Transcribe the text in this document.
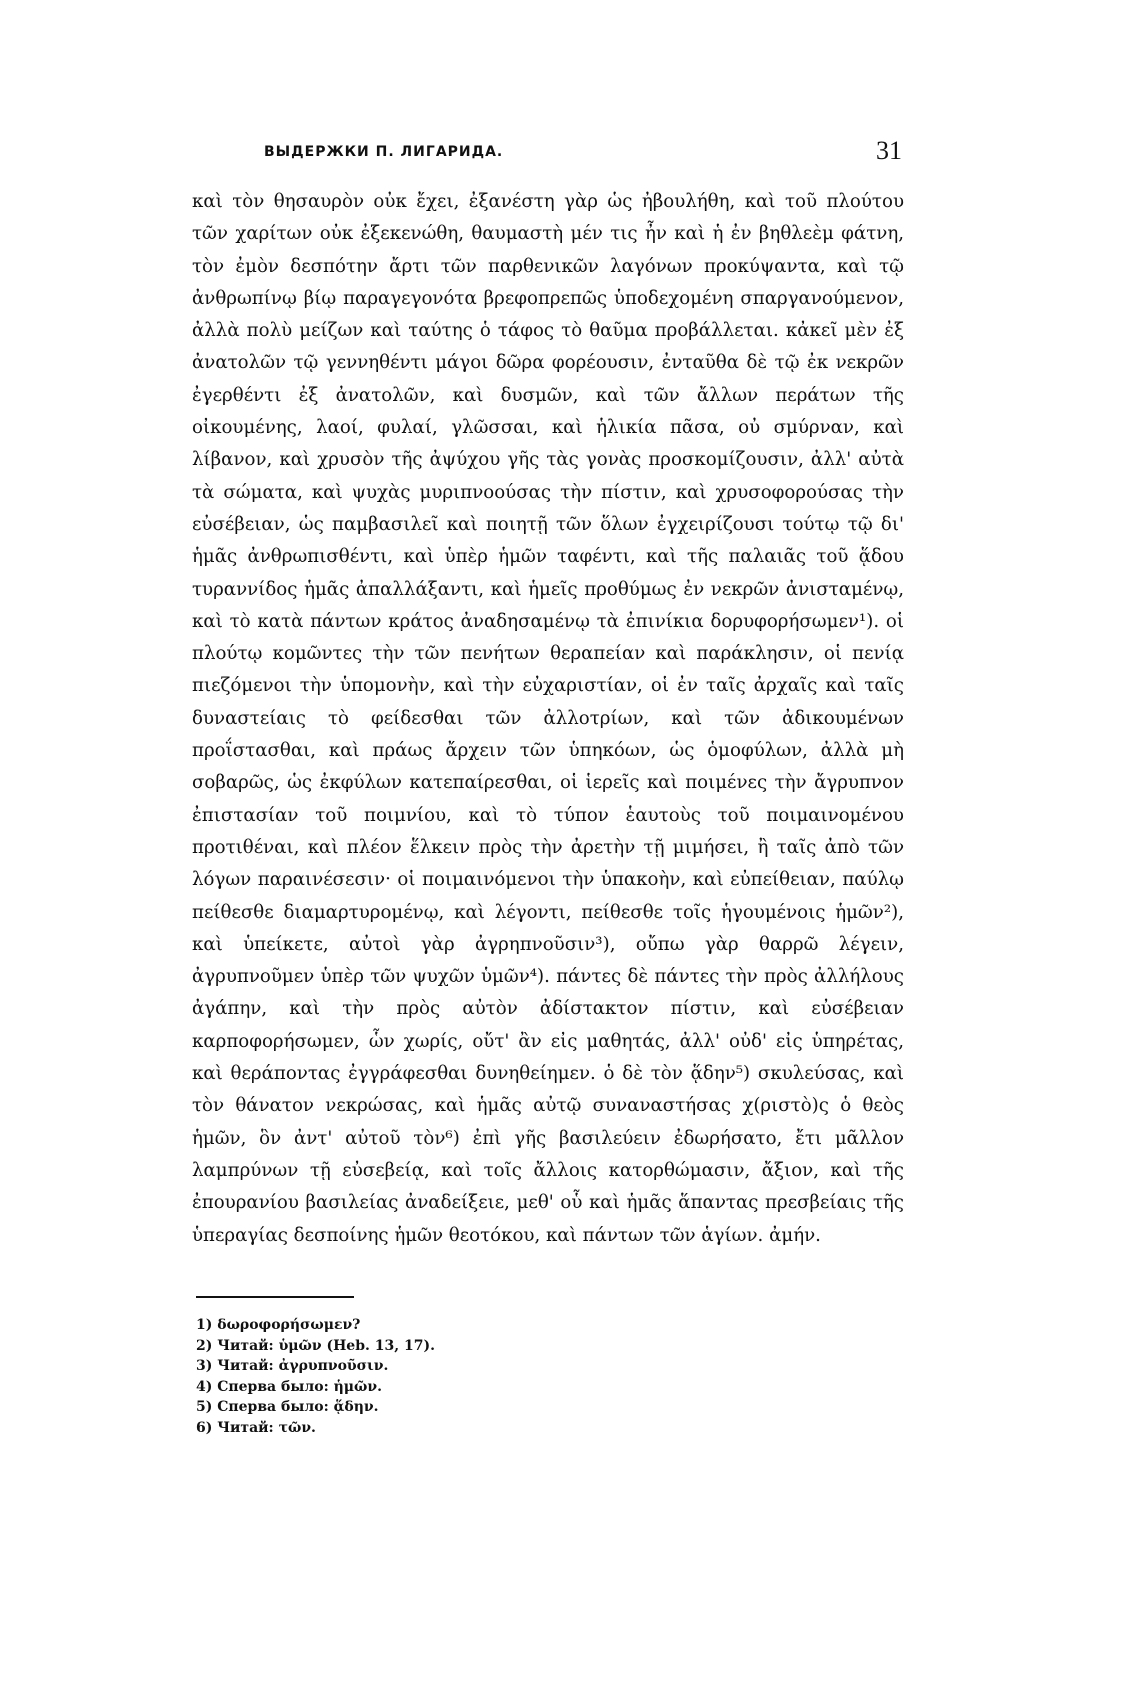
ВЫДЕРЖКИ П. ЛИГАРИДА.	31

καὶ τὸν θησαυρὸν οὐκ ἔχει, ἐξανέστη γὰρ ὡς ἠβουλήθη, καὶ τοῦ πλούτου τῶν χαρίτων οὐκ ἐξεκενώθη, θαυμαστὴ μέν τις ἦν καὶ ἡ ἐν βηθλεὲμ φάτνη, τὸν ἐμὸν δεσπότην ἄρτι τῶν παρθενικῶν λαγόνων προκύψαντα, καὶ τῷ ἀνθρωπίνῳ βίῳ παραγεγονότα βρεφοπρεπῶς ὑποδεχομένη σπαργανούμενον, ἀλλὰ πολὺ μείζων καὶ ταύτης ὁ τάφος τὸ θαῦμα προβάλλεται. κἀκεῖ μὲν ἐξ ἀνατολῶν τῷ γεννηθέντι μάγοι δῶρα φορέουσιν, ἐνταῦθα δὲ τῷ ἐκ νεκρῶν ἐγερθέντι ἐξ ἀνατολῶν, καὶ δυσμῶν, καὶ τῶν ἄλλων περάτων τῆς οἰκουμένης, λαοί, φυλαί, γλῶσσαι, καὶ ἡλικία πᾶσα, οὐ σμύρναν, καὶ λίβανον, καὶ χρυσὸν τῆς ἀψύχου γῆς τὰς γονὰς προσκομίζουσιν, ἀλλ' αὐτὰ τὰ σώματα, καὶ ψυχὰς μυριπνοούσας τὴν πίστιν, καὶ χρυσοφορούσας τὴν εὐσέβειαν, ὡς παμβασιλεῖ καὶ ποιητῇ τῶν ὅλων ἐγχειρίζουσι τούτῳ τῷ δι' ἡμᾶς ἀνθρωπισθέντι, καὶ ὑπὲρ ἡμῶν ταφέντι, καὶ τῆς παλαιᾶς τοῦ ᾅδου τυραννίδος ἡμᾶς ἀπαλλάξαντι, καὶ ἡμεῖς προθύμως ἐν νεκρῶν ἀνισταμένῳ, καὶ τὸ κατὰ πάντων κράτος ἀναδησαμένῳ τὰ ἐπινίκια δορυφορήσωμεν¹). οἱ πλούτῳ κομῶντες τὴν τῶν πενήτων θεραπείαν καὶ παράκλησιν, οἱ πενίᾳ πιεζόμενοι τὴν ὑπομονὴν, καὶ τὴν εὐχαριστίαν, οἱ ἐν ταῖς ἀρχαῖς καὶ ταῖς δυναστείαις τὸ φείδεσθαι τῶν ἀλλοτρίων, καὶ τῶν ἀδικουμένων προΐστασθαι, καὶ πράως ἄρχειν τῶν ὑπηκόων, ὡς ὁμοφύλων, ἀλλὰ μὴ σοβαρῶς, ὡς ἐκφύλων κατεπαίρεσθαι, οἱ ἱερεῖς καὶ ποιμένες τὴν ἄγρυπνον ἐπιστασίαν τοῦ ποιμνίου, καὶ τὸ τύπον ἑαυτοὺς τοῦ ποιμαινομένου προτιθέναι, καὶ πλέον ἕλκειν πρὸς τὴν ἀρετὴν τῇ μιμήσει, ἢ ταῖς ἀπὸ τῶν λόγων παραινέσεσιν· οἱ ποιμαινόμενοι τὴν ὑπακοὴν, καὶ εὐπείθειαν, παύλῳ πείθεσθε διαμαρτυρομένῳ, καὶ λέγοντι, πείθεσθε τοῖς ἡγουμένοις ἡμῶν²), καὶ ὑπείκετε, αὐτοὶ γὰρ ἀγρηπνοῦσιν³), οὔπω γὰρ θαρρῶ λέγειν, ἀγρυπνοῦμεν ὑπὲρ τῶν ψυχῶν ὑμῶν⁴). πάντες δὲ πάντες τὴν πρὸς ἀλλήλους ἀγάπην, καὶ τὴν πρὸς αὐτὸν ἀδίστακτον πίστιν, καὶ εὐσέβειαν καρποφορήσωμεν, ὧν χωρίς, οὔτ' ἂν εἰς μαθητάς, ἀλλ' οὐδ' εἰς ὑπηρέτας, καὶ θεράποντας ἐγγράφεσθαι δυνηθείημεν. ὁ δὲ τὸν ᾅδην⁵) σκυλεύσας, καὶ τὸν θάνατον νεκρώσας, καὶ ἡμᾶς αὐτῷ συναναστήσας χ(ριστὸ)ς ὁ θεὸς ἡμῶν, ὃν ἀντ' αὐτοῦ τὸν⁶) ἐπὶ γῆς βασιλεύειν ἐδωρήσατο, ἔτι μᾶλλον λαμπρύνων τῇ εὐσεβείᾳ, καὶ τοῖς ἄλλοις κατορθώμασιν, ἄξιον, καὶ τῆς ἐπουρανίου βασιλείας ἀναδείξειε, μεθ' οὗ καὶ ἡμᾶς ἅπαντας πρεσβείαις τῆς ὑπεραγίας δεσποίνης ἡμῶν θεοτόκου, καὶ πάντων τῶν ἁγίων. ἀμήν.

1) δωροφορήσωμεν?
2) Читай: ὑμῶν (Heb. 13, 17).
3) Читай: ἀγρυπνοῦσιν.
4) Сперва было: ἡμῶν.
5) Сперва было: ᾅδην.
6) Читай: τῶν.
